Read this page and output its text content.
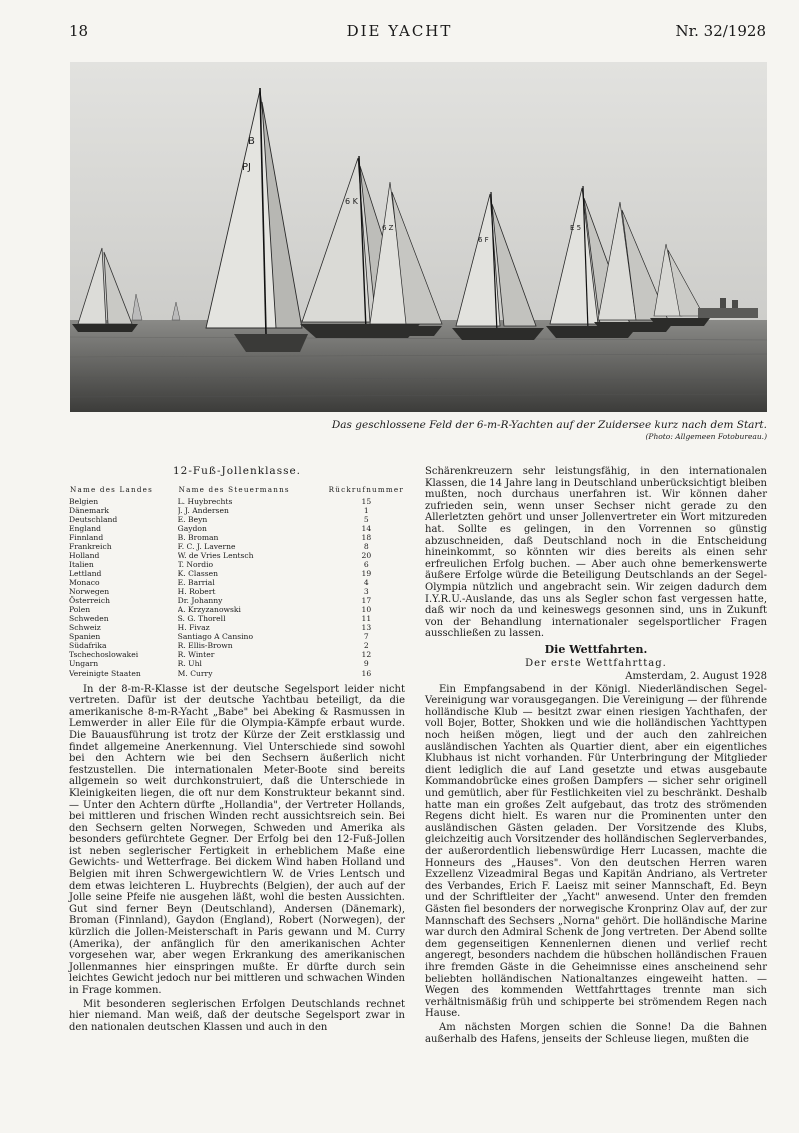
18	DIE YACHT	Nr. 32/1928
B
PJ
6 K
6 Z
6 F
E 5
Das geschlossene Feld der 6-m-R-Yachten auf der Zuidersee kurz nach dem Start.
(Photo: Allgemeen Fotobureau.)
12-Fuß-Jollenklasse.
Name des Landes	Name des Steuermanns	Rückrufnummer
Belgien	L. Huybrechts	15
Dänemark	J. J. Andersen	1
Deutschland	E. Beyn	5
England	Gaydon	14
Finnland	B. Broman	18
Frankreich	F. C. J. Laverne	8
Holland	W. de Vries Lentsch	20
Italien	T. Nordio	6
Lettland	K. Classen	19
Monaco	E. Barrial	4
Norwegen	H. Robert	3
Österreich	Dr. Johanny	17
Polen	A. Krzyzanowski	10
Schweden	S. G. Thorell	11
Schweiz	H. Fivaz	13
Spanien	Santiago A Cansino	7
Südafrika	R. Ellis-Brown	2
Tschechoslowakei	R. Winter	12
Ungarn	R. Uhl	9
Vereinigte Staaten	M. Curry	16

In der 8-m-R-Klasse ist der deutsche Segelsport leider nicht vertreten. Dafür ist der deutsche Yachtbau beteiligt, da die amerikanische 8-m-R-Yacht „Babe" bei Abeking & Rasmussen in Lemwerder in aller Eile für die Olympia-Kämpfe erbaut wurde. Die Bauausführung ist trotz der Kürze der Zeit erstklassig und findet allgemeine Anerkennung. Viel Unterschiede sind sowohl bei den Achtern wie bei den Sechsern äußerlich nicht festzustellen. Die internationalen Meter-Boote sind bereits allgemein so weit durchkonstruiert, daß die Unterschiede in Kleinigkeiten liegen, die oft nur dem Konstrukteur bekannt sind. — Unter den Achtern dürfte „Hollandia", der Vertreter Hollands, bei mittleren und frischen Winden recht aussichtsreich sein. Bei den Sechsern gelten Norwegen, Schweden und Amerika als besonders gefürchtete Gegner. Der Erfolg bei den 12-Fuß-Jollen ist neben seglerischer Fertigkeit in erheblichem Maße eine Gewichts- und Wetterfrage. Bei dickem Wind haben Holland und Belgien mit ihren Schwergewichtlern W. de Vries Lentsch und dem etwas leichteren L. Huybrechts (Belgien), der auch auf der Jolle seine Pfeife nie ausgehen läßt, wohl die besten Aussichten. Gut sind ferner Beyn (Deutschland), Andersen (Dänemark), Broman (Finnland), Gaydon (England), Robert (Norwegen), der kürzlich die Jollen-Meisterschaft in Paris gewann und M. Curry (Amerika), der anfänglich für den amerikanischen Achter vorgesehen war, aber wegen Erkrankung des amerikanischen Jollenmannes hier einspringen mußte. Er dürfte durch sein leichtes Gewicht jedoch nur bei mittleren und schwachen Winden in Frage kommen.

Mit besonderen seglerischen Erfolgen Deutschlands rechnet hier niemand. Man weiß, daß der deutsche Segelsport zwar in den nationalen deutschen Klassen und auch in den

Schärenkreuzern sehr leistungsfähig, in den internationalen Klassen, die 14 Jahre lang in Deutschland unberücksichtigt bleiben mußten, noch durchaus unerfahren ist. Wir können daher zufrieden sein, wenn unser Sechser nicht gerade zu den Allerletzten gehört und unser Jollenvertreter ein Wort mitzureden hat. Sollte es gelingen, in den Vorrennen so günstig abzuschneiden, daß Deutschland noch in die Entscheidung hineinkommt, so könnten wir dies bereits als einen sehr erfreulichen Erfolg buchen. — Aber auch ohne bemerkenswerte äußere Erfolge würde die Beteiligung Deutschlands an der Segel-Olympia nützlich und angebracht sein. Wir zeigen dadurch dem I.Y.R.U.-Auslande, das uns als Segler schon fast vergessen hatte, daß wir noch da und keineswegs gesonnen sind, uns in Zukunft von der Behandlung internationaler segelsportlicher Fragen ausschließen zu lassen.

Die Wettfahrten.
Der erste Wettfahrttag.
Amsterdam, 2. August 1928

Ein Empfangsabend in der Königl. Niederländischen Segel-Vereinigung war vorausgegangen. Die Vereinigung — der führende holländische Klub — besitzt zwar einen riesigen Yachthafen, der voll Bojer, Botter, Shokken und wie die holländischen Yachttypen noch heißen mögen, liegt und der auch den zahlreichen ausländischen Yachten als Quartier dient, aber ein eigentliches Klubhaus ist nicht vorhanden. Für Unterbringung der Mitglieder dient lediglich die auf Land gesetzte und etwas ausgebaute Kommandobrücke eines großen Dampfers — sicher sehr originell und gemütlich, aber für Festlichkeiten viel zu beschränkt. Deshalb hatte man ein großes Zelt aufgebaut, das trotz des strömenden Regens dicht hielt. Es waren nur die Prominenten unter den ausländischen Gästen geladen. Der Vorsitzende des Klubs, gleichzeitig auch Vorsitzender des holländischen Seglerverbandes, der außerordentlich liebenswürdige Herr Lucassen, machte die Honneurs des „Hauses". Von den deutschen Herren waren Exzellenz Vizeadmiral Begas und Kapitän Andriano, als Vertreter des Verbandes, Erich F. Laeisz mit seiner Mannschaft, Ed. Beyn und der Schriftleiter der „Yacht" anwesend. Unter den fremden Gästen fiel besonders der norwegische Kronprinz Olav auf, der zur Mannschaft des Sechsers „Norna" gehört. Die holländische Marine war durch den Admiral Schenk de Jong vertreten. Der Abend sollte dem gegenseitigen Kennenlernen dienen und verlief recht angeregt, besonders nachdem die hübschen holländischen Frauen ihre fremden Gäste in die Geheimnisse eines anscheinend sehr beliebten holländischen Nationaltanzes eingeweiht hatten. — Wegen des kommenden Wettfahrttages trennte man sich verhältnismäßig früh und schipperte bei strömendem Regen nach Hause.

Am nächsten Morgen schien die Sonne! Da die Bahnen außerhalb des Hafens, jenseits der Schleuse liegen, mußten die
